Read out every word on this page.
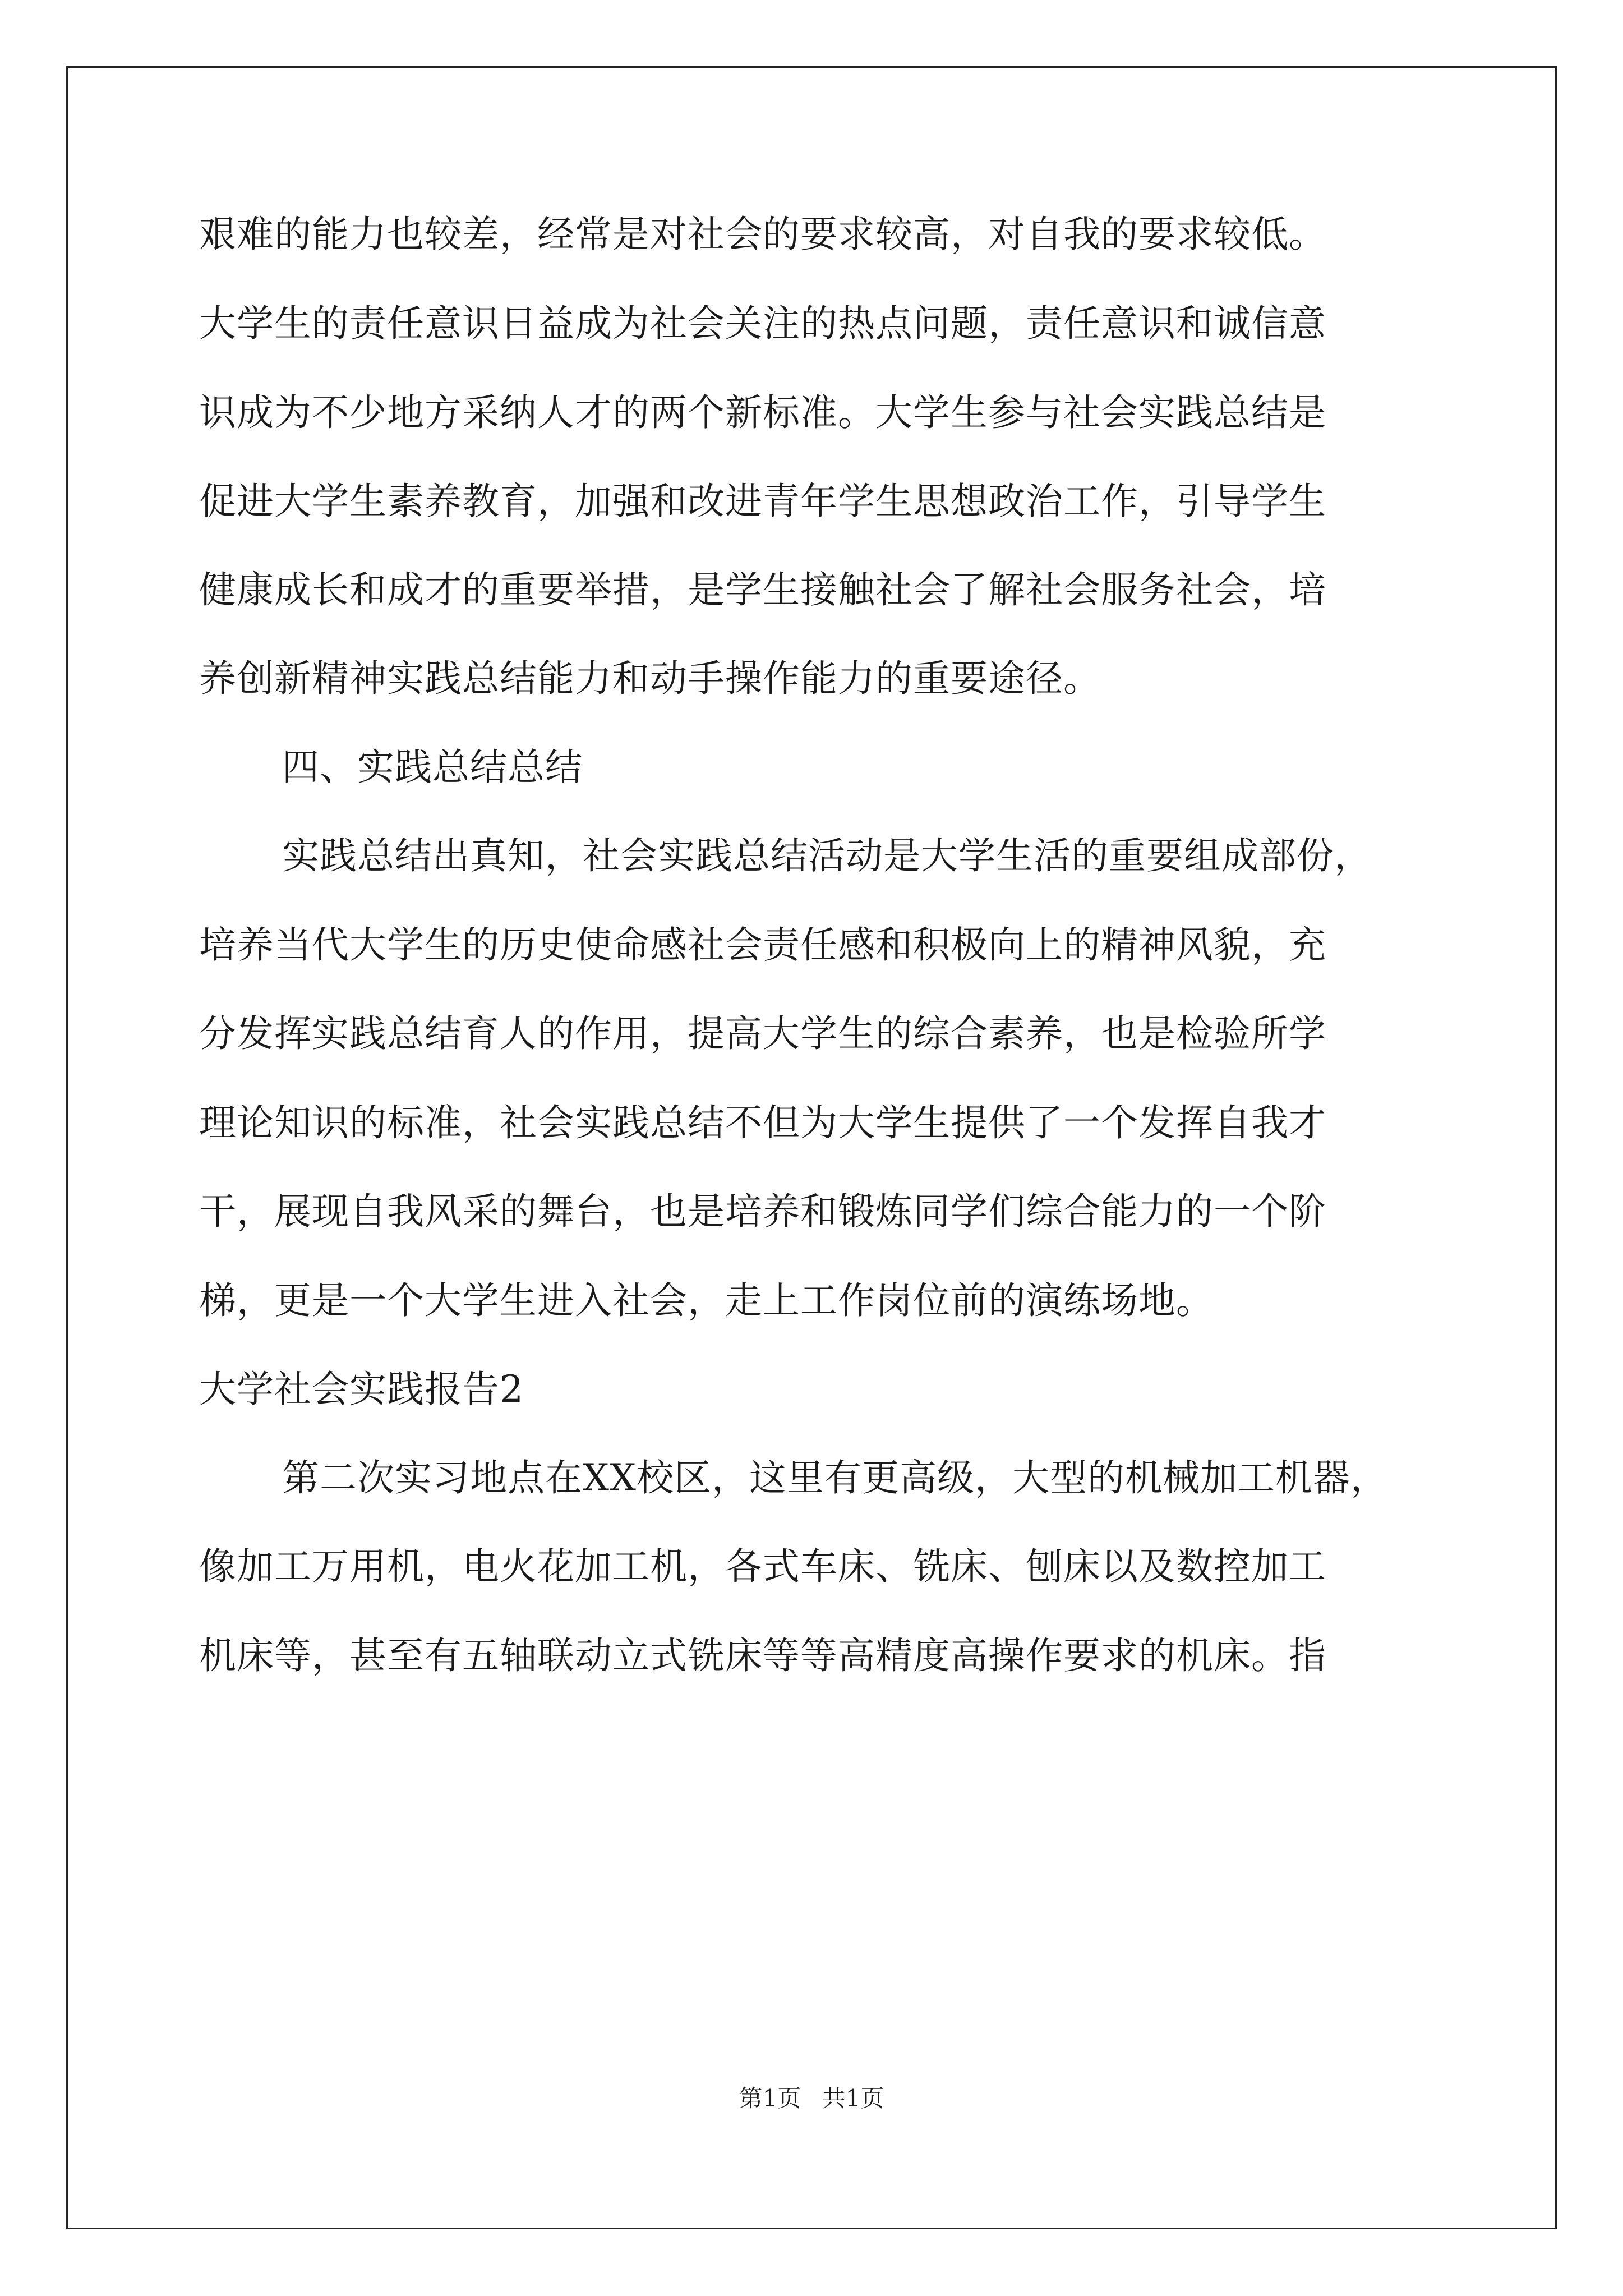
艰难的能力也较差，经常是对社会的要求较高，对自我的要求较低。
大学生的责任意识日益成为社会关注的热点问题，责任意识和诚信意
识成为不少地方采纳人才的两个新标准。大学生参与社会实践总结是
促进大学生素养教育，加强和改进青年学生思想政治工作，引导学生
健康成长和成才的重要举措，是学生接触社会了解社会服务社会，培
养创新精神实践总结能力和动手操作能力的重要途径。
四、实践总结总结
实践总结出真知，社会实践总结活动是大学生活的重要组成部份，
培养当代大学生的历史使命感社会责任感和积极向上的精神风貌，充
分发挥实践总结育人的作用，提高大学生的综合素养，也是检验所学
理论知识的标准，社会实践总结不但为大学生提供了一个发挥自我才
干，展现自我风采的舞台，也是培养和锻炼同学们综合能力的一个阶
梯，更是一个大学生进入社会，走上工作岗位前的演练场地。
大学社会实践报告2
第二次实习地点在XX校区，这里有更高级，大型的机械加工机器，
像加工万用机，电火花加工机，各式车床、铣床、刨床以及数控加工
机床等，甚至有五轴联动立式铣床等等高精度高操作要求的机床。指
第1页 共1页
